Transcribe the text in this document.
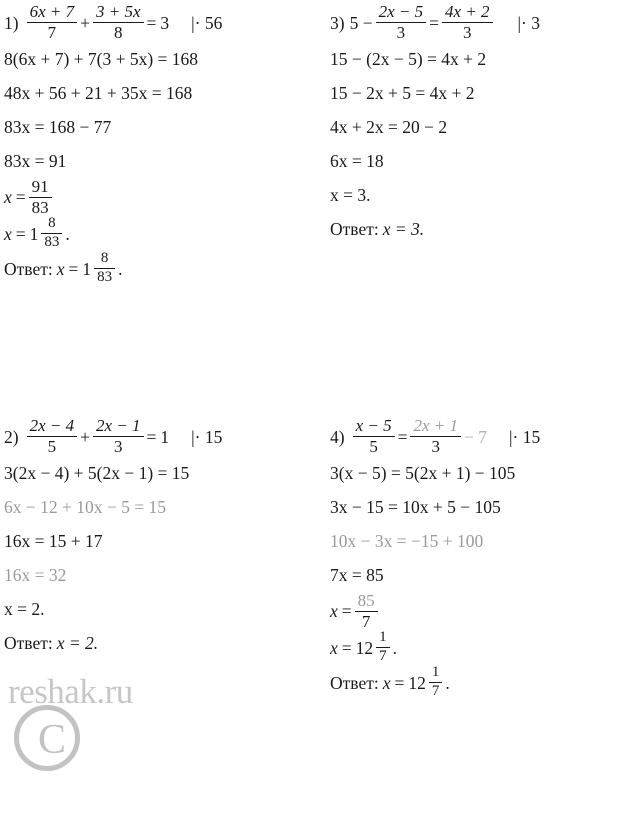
$1) \frac{6x + 7}{7} + \frac{3 + 5x}{8} = 3$ |· 56
8(6x + 7) + 7(3 + 5x) = 168
48x + 56 + 21 + 35x = 168
83x = 168 − 77
83x = 91
$x = \frac{91}{83}$
$x = 1 \frac{8}{83}$ .
Ответ: $x = 1 \frac{8}{83}$ .
3) $5 - \frac{2x - 5}{3} = \frac{4x + 2}{3}$ |· 3
15 − (2x − 5) = 4x + 2
15 − 2x + 5 = 4x + 2
4x + 2x = 20 − 2
6x = 18
x = 3.
Ответ: x = 3.
$2) \frac{2x - 4}{5} + \frac{2x - 1}{3} = 1$ |· 15
3(2x − 4) + 5(2x − 1) = 15
6x − 12 + 10x − 5 = 15
16x = 15 + 17
16x = 32
x = 2.
Ответ: x = 2.
$4) \frac{x - 5}{5} = \frac{2x + 1}{3} - 7$ |· 15
3(x − 5) = 5(2x + 1) − 105
3x − 15 = 10x + 5 − 105
10x − 3x = −15 + 100
7x = 85
$x = \frac{85}{7}$
$x = 12 \frac{1}{7}$ .
Ответ: $x = 12 \frac{1}{7}$ .
reshak.ru
C
